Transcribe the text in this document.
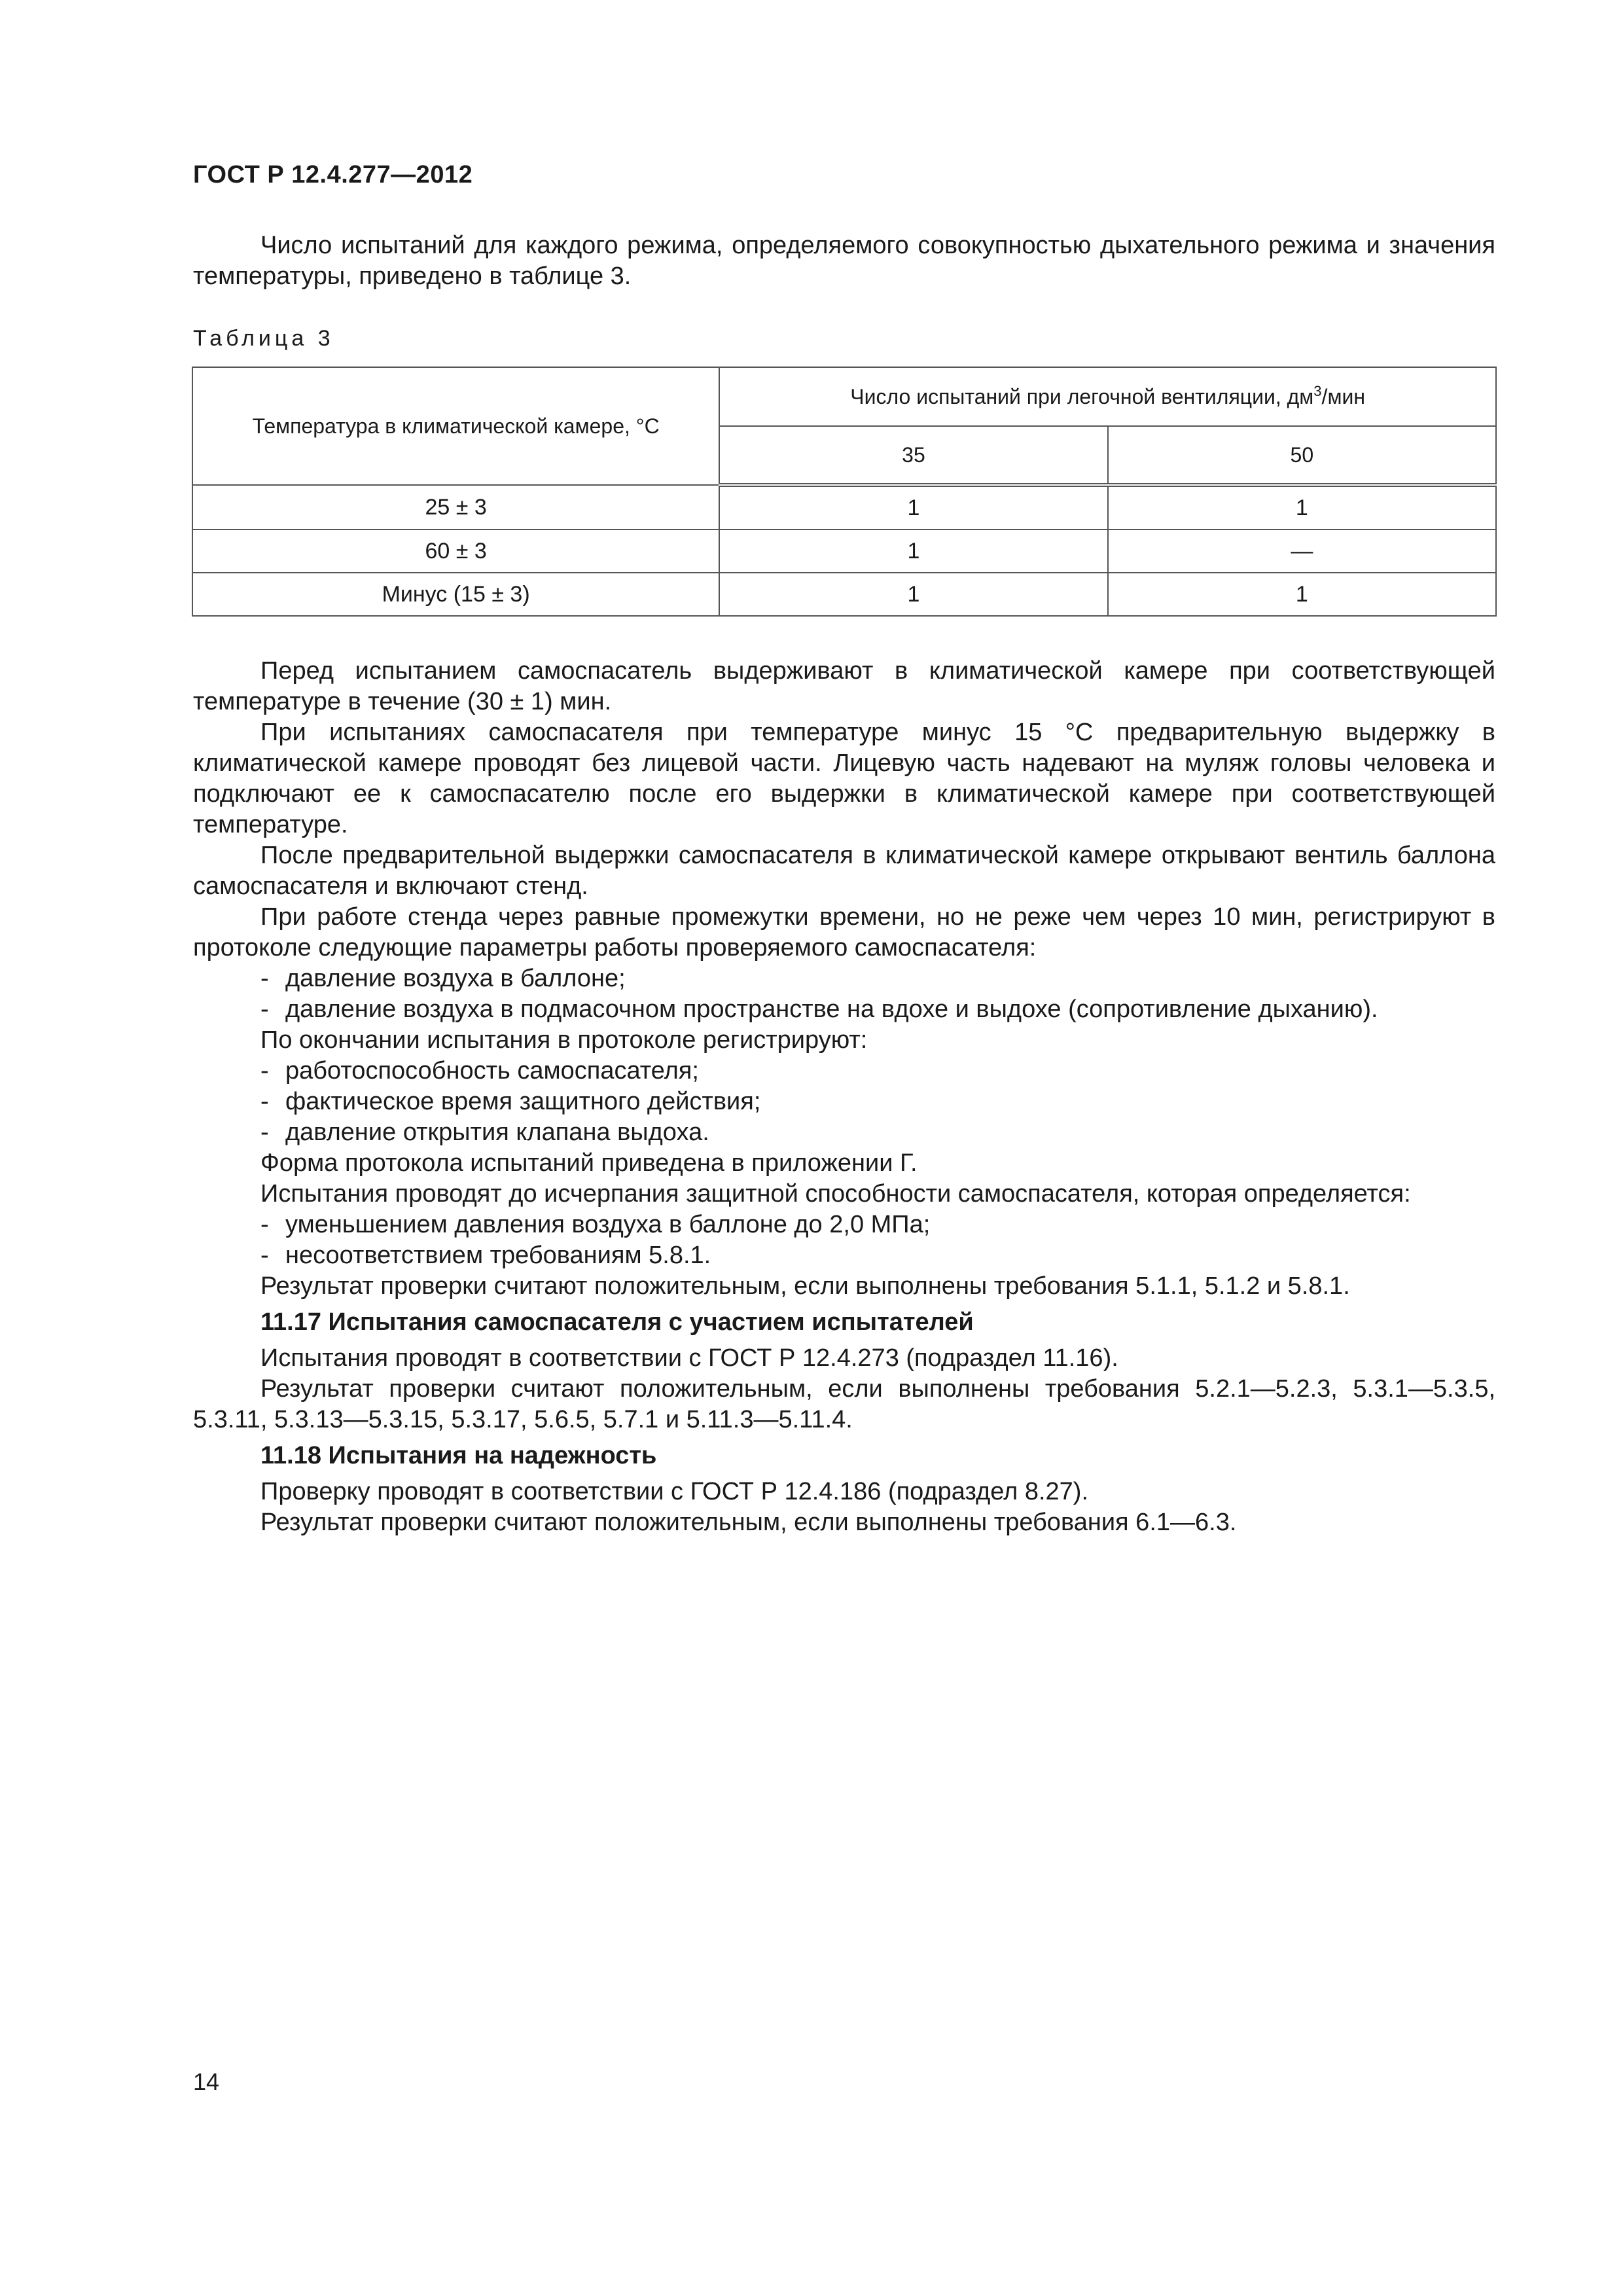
ГОСТ Р 12.4.277—2012

Число испытаний для каждого режима, определяемого совокупностью дыхательного режима и значения температуры, приведено в таблице 3.

Таблица 3
Температура в климатической камере, °С	Число испытаний при легочной вентиляции, $дм^3$/мин	
	35	50
25 ± 3	1	1
60 ± 3	1	—
Минус (15 ± 3)	1	1

Перед испытанием самоспасатель выдерживают в климатической камере при соответствующей температуре в течение (30 ± 1) мин.

При испытаниях самоспасателя при температуре минус 15 °С предварительную выдержку в климатической камере проводят без лицевой части. Лицевую часть надевают на муляж головы человека и подключают ее к самоспасателю после его выдержки в климатической камере при соответствующей температуре.

После предварительной выдержки самоспасателя в климатической камере открывают вентиль баллона самоспасателя и включают стенд.

При работе стенда через равные промежутки времени, но не реже чем через 10 мин, регистрируют в протоколе следующие параметры работы проверяемого самоспасателя:

- давление воздуха в баллоне;

- давление воздуха в подмасочном пространстве на вдохе и выдохе (сопротивление дыханию).

По окончании испытания в протоколе регистрируют:

- работоспособность самоспасателя;

- фактическое время защитного действия;

- давление открытия клапана выдоха.

Форма протокола испытаний приведена в приложении Г.

Испытания проводят до исчерпания защитной способности самоспасателя, которая определяется:

- уменьшением давления воздуха в баллоне до 2,0 МПа;

- несоответствием требованиям 5.8.1.

Результат проверки считают положительным, если выполнены требования 5.1.1, 5.1.2 и 5.8.1.

11.17 Испытания самоспасателя с участием испытателей

Испытания проводят в соответствии с ГОСТ Р 12.4.273 (подраздел 11.16).

Результат проверки считают положительным, если выполнены требования 5.2.1—5.2.3, 5.3.1—5.3.5, 5.3.11, 5.3.13—5.3.15, 5.3.17, 5.6.5, 5.7.1 и 5.11.3—5.11.4.

11.18 Испытания на надежность

Проверку проводят в соответствии с ГОСТ Р 12.4.186 (подраздел 8.27).

Результат проверки считают положительным, если выполнены требования 6.1—6.3.

14
